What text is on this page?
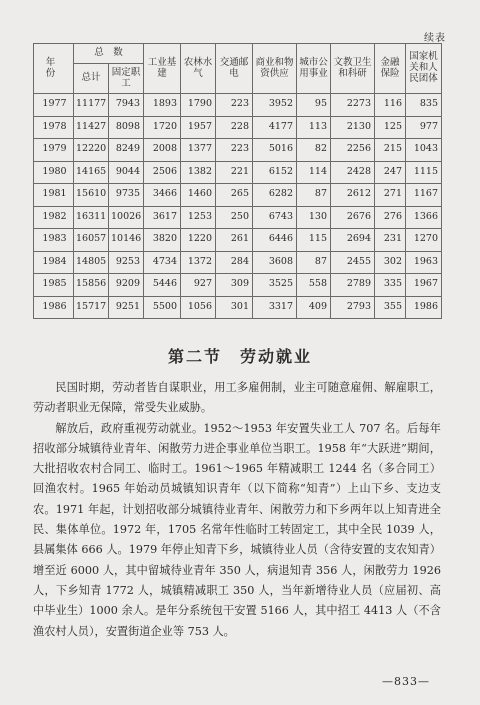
续表
年 份	总　数		工业基建	农林水气	交通邮电	商业和物资供应	城市公用事业	文教卫生和科研	金融保险	国家机关和人民团体
	总计	固定职工								
1977	11177	7943	1893	1790	223	3952	95	2273	116	835
1978	11427	8098	1720	1957	228	4177	113	2130	125	977
1979	12220	8249	2008	1377	223	5016	82	2256	215	1043
1980	14165	9044	2506	1382	221	6152	114	2428	247	1115
1981	15610	9735	3466	1460	265	6282	87	2612	271	1167
1982	16311	10026	3617	1253	250	6743	130	2676	276	1366
1983	16057	10146	3820	1220	261	6446	115	2694	231	1270
1984	14805	9253	4734	1372	284	3608	87	2455	302	1963
1985	15856	9209	5446	927	309	3525	558	2789	335	1967
1986	15717	9251	5500	1056	301	3317	409	2793	355	1986
第二节　劳动就业

民国时期，劳动者皆自谋职业，用工多雇佣制，业主可随意雇佣、解雇职工，劳动者职业无保障，常受失业威胁。

解放后，政府重视劳动就业。1952～1953 年安置失业工人 707 名。后每年招收部分城镇待业青年、闲散劳力进企事业单位当职工。1958 年“大跃进”期间，大批招收农村合同工、临时工。1961～1965 年精减职工 1244 名（多合同工）回渔农村。1965 年始动员城镇知识青年（以下简称“知青”）上山下乡、支边支农。1971 年起，计划招收部分城镇待业青年、闲散劳力和下乡两年以上知青进全民、集体单位。1972 年，1705 名常年性临时工转固定工，其中全民 1039 人，县属集体 666 人。1979 年停止知青下乡，城镇待业人员（含待安置的支农知青）增至近 6000 人，其中留城待业青年 350 人，病退知青 356 人，闲散劳力 1926 人，下乡知青 1772 人，城镇精减职工 350 人，当年新增待业人员（应届初、高中毕业生）1000 余人。是年分系统包干安置 5166 人，其中招工 4413 人（不含渔农村人员），安置街道企业等 753 人。

—833—
